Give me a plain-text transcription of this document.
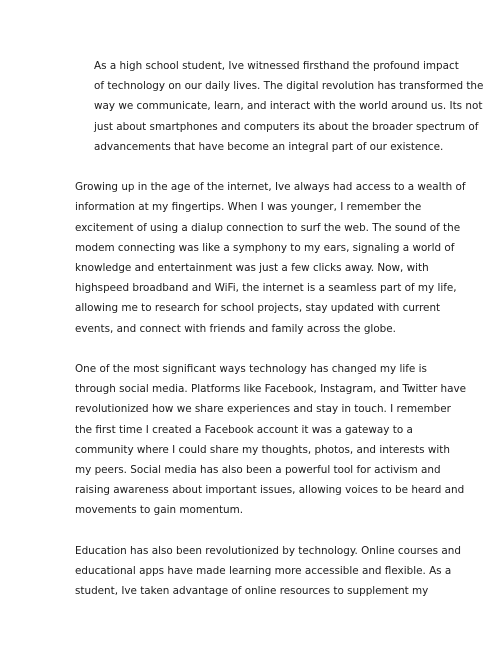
As a high school student, Ive witnessed firsthand the profound impact
of technology on our daily lives. The digital revolution has transformed the
way we communicate, learn, and interact with the world around us. Its not
just about smartphones and computers its about the broader spectrum of
advancements that have become an integral part of our existence.

Growing up in the age of the internet, Ive always had access to a wealth of
information at my fingertips. When I was younger, I remember the
excitement of using a dialup connection to surf the web. The sound of the
modem connecting was like a symphony to my ears, signaling a world of
knowledge and entertainment was just a few clicks away. Now, with
highspeed broadband and WiFi, the internet is a seamless part of my life,
allowing me to research for school projects, stay updated with current
events, and connect with friends and family across the globe.

One of the most significant ways technology has changed my life is
through social media. Platforms like Facebook, Instagram, and Twitter have
revolutionized how we share experiences and stay in touch. I remember
the first time I created a Facebook account it was a gateway to a
community where I could share my thoughts, photos, and interests with
my peers. Social media has also been a powerful tool for activism and
raising awareness about important issues, allowing voices to be heard and
movements to gain momentum.

Education has also been revolutionized by technology. Online courses and
educational apps have made learning more accessible and flexible. As a
student, Ive taken advantage of online resources to supplement my
